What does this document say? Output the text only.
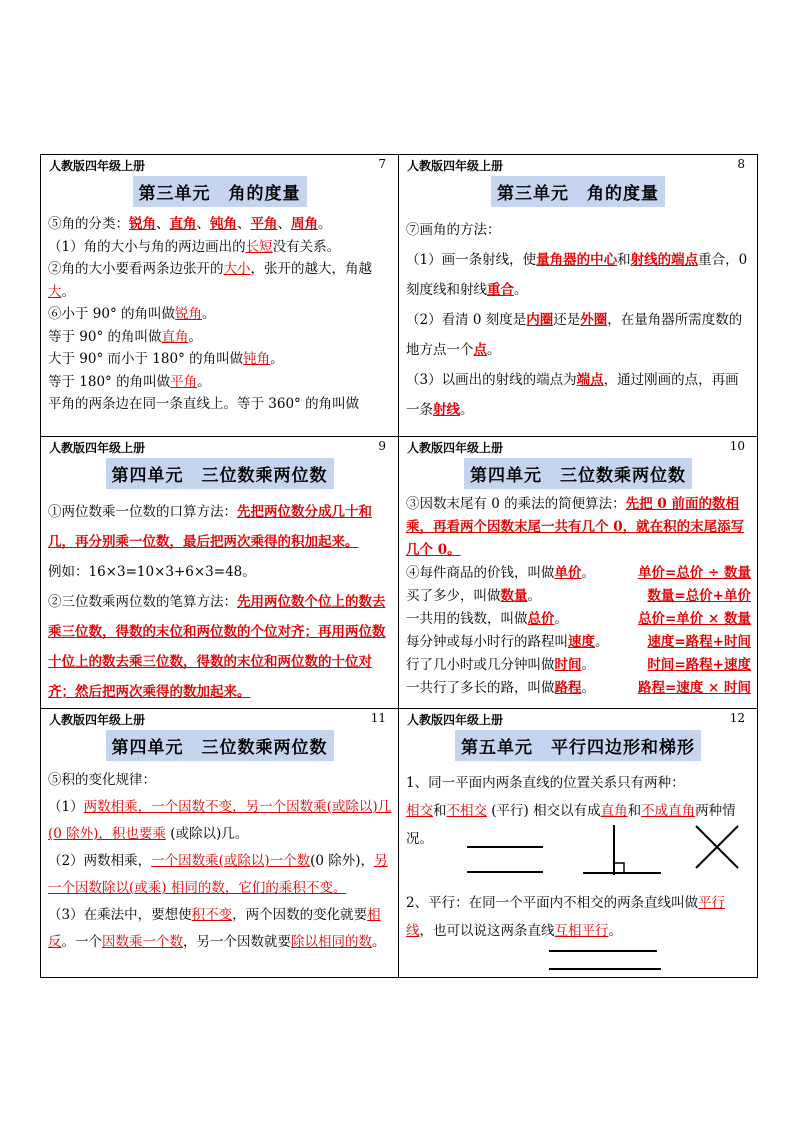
人教版四年级上册	7
第三单元　角的度量

⑤角的分类：锐角、直角、钝角、平角、周角。

（1）角的大小与角的两边画出的长短没有关系。

②角的大小要看两条边张开的大小，张开的越大，角越大。

⑥小于 90° 的角叫做锐角。

等于 90° 的角叫做直角。

大于 90° 而小于 180° 的角叫做钝角。

等于 180° 的角叫做平角。

平角的两条边在同一条直线上。等于 360° 的角叫做

人教版四年级上册	8
第三单元　角的度量

⑦画角的方法：

（1）画一条射线，使量角器的中心和射线的端点重合，0 刻度线和射线重合。

（2）看清 0 刻度是内圈还是外圈，在量角器所需度数的地方点一个点。

（3）以画出的射线的端点为端点，通过刚画的点，再画一条射线。

人教版四年级上册	9
第四单元　三位数乘两位数

①两位数乘一位数的口算方法：先把两位数分成几十和几，再分别乘一位数，最后把两次乘得的积加起来。

例如：16×3=10×3+6×3=48。

②三位数乘两位数的笔算方法：先用两位数个位上的数去乘三位数，得数的末位和两位数的个位对齐；再用两位数十位上的数去乘三位数，得数的末位和两位数的十位对齐；然后把两次乘得的数加起来。

人教版四年级上册	10
第四单元　三位数乘两位数

③因数末尾有 0 的乘法的简便算法：先把 0 前面的数相乘，再看两个因数末尾一共有几个 0，就在积的末尾添写几个 0。

④每件商品的价钱，叫做单价。	单价=总价 ÷ 数量
买了多少，叫做数量。	数量=总价+单价
一共用的钱数，叫做总价。	总价=单价 × 数量
每分钟或每小时行的路程叫速度。	速度=路程+时间
行了几小时或几分钟叫做时间。	时间=路程+速度
一共行了多长的路，叫做路程。	路程=速度 × 时间
人教版四年级上册	11
第四单元　三位数乘两位数

⑤积的变化规律：

（1）两数相乘，一个因数不变，另一个因数乘(或除以)几(0 除外)，积也要乘 (或除以)几。

（2）两数相乘，一个因数乘(或除以)一个数(0 除外)，另一个因数除以(或乘) 相同的数，它们的乘积不变。

（3）在乘法中，要想使积不变，两个因数的变化就要相反。一个因数乘一个数，另一个因数就要除以相同的数。

人教版四年级上册	12
第五单元　平行四边形和梯形

1、同一平面内两条直线的位置关系只有两种：

相交和不相交 (平行) 相交以有成直角和不成直角两种情况。

2、平行：在同一个平面内不相交的两条直线叫做平行线，也可以说这两条直线互相平行。
